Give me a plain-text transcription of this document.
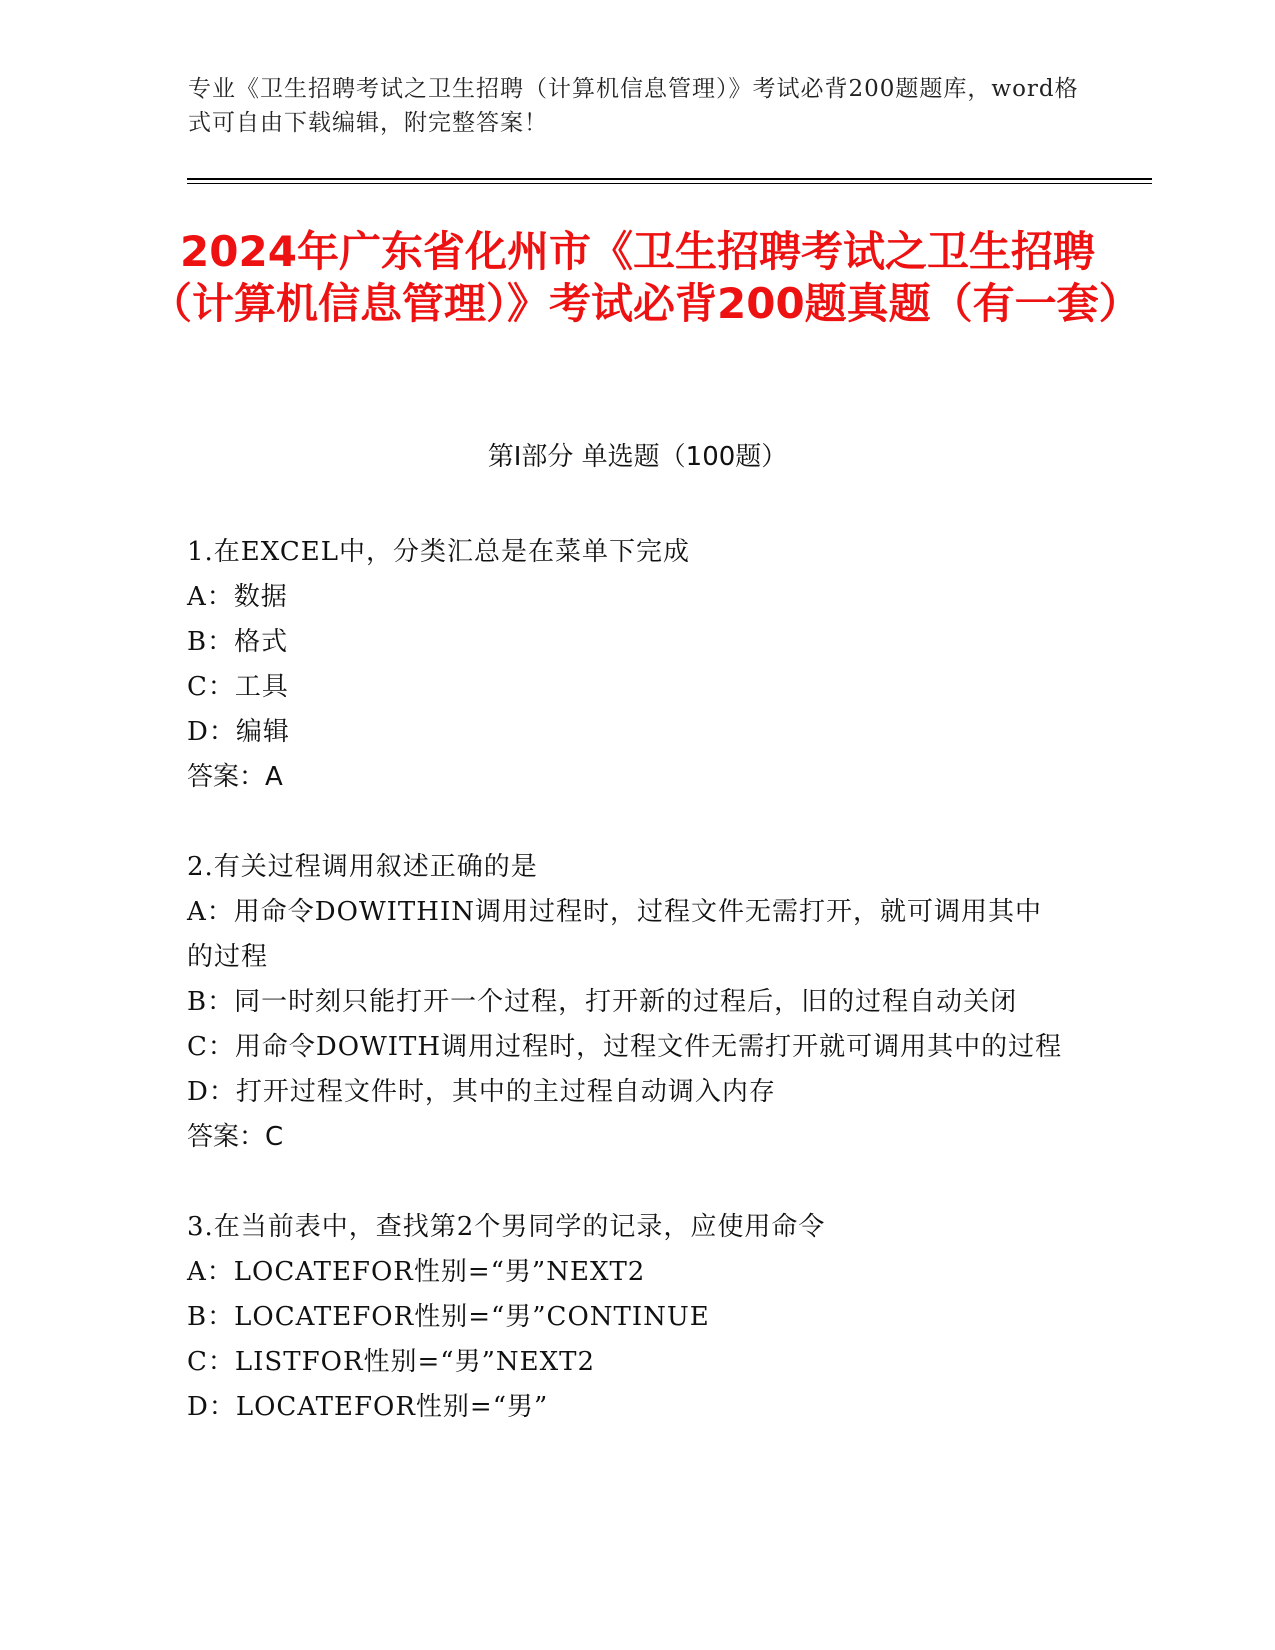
专业《卫生招聘考试之卫生招聘（计算机信息管理）》考试必背200题题库，word格式可自由下载编辑，附完整答案！
2024年广东省化州市《卫生招聘考试之卫生招聘（计算机信息管理）》考试必背200题真题（有一套）
第Ⅰ部分 单选题（100题）
1.在EXCEL中，分类汇总是在菜单下完成
A：数据
B：格式
C：工具
D：编辑
答案：A
2.有关过程调用叙述正确的是
A：用命令DOWITHIN调用过程时，过程文件无需打开，就可调用其中的过程
B：同一时刻只能打开一个过程，打开新的过程后，旧的过程自动关闭
C：用命令DOWITH调用过程时，过程文件无需打开就可调用其中的过程
D：打开过程文件时，其中的主过程自动调入内存
答案：C
3.在当前表中，查找第2个男同学的记录，应使用命令
A：LOCATEFOR性别=“男”NEXT2
B：LOCATEFOR性别=“男”CONTINUE
C：LISTFOR性别=“男”NEXT2
D：LOCATEFOR性别=“男”
